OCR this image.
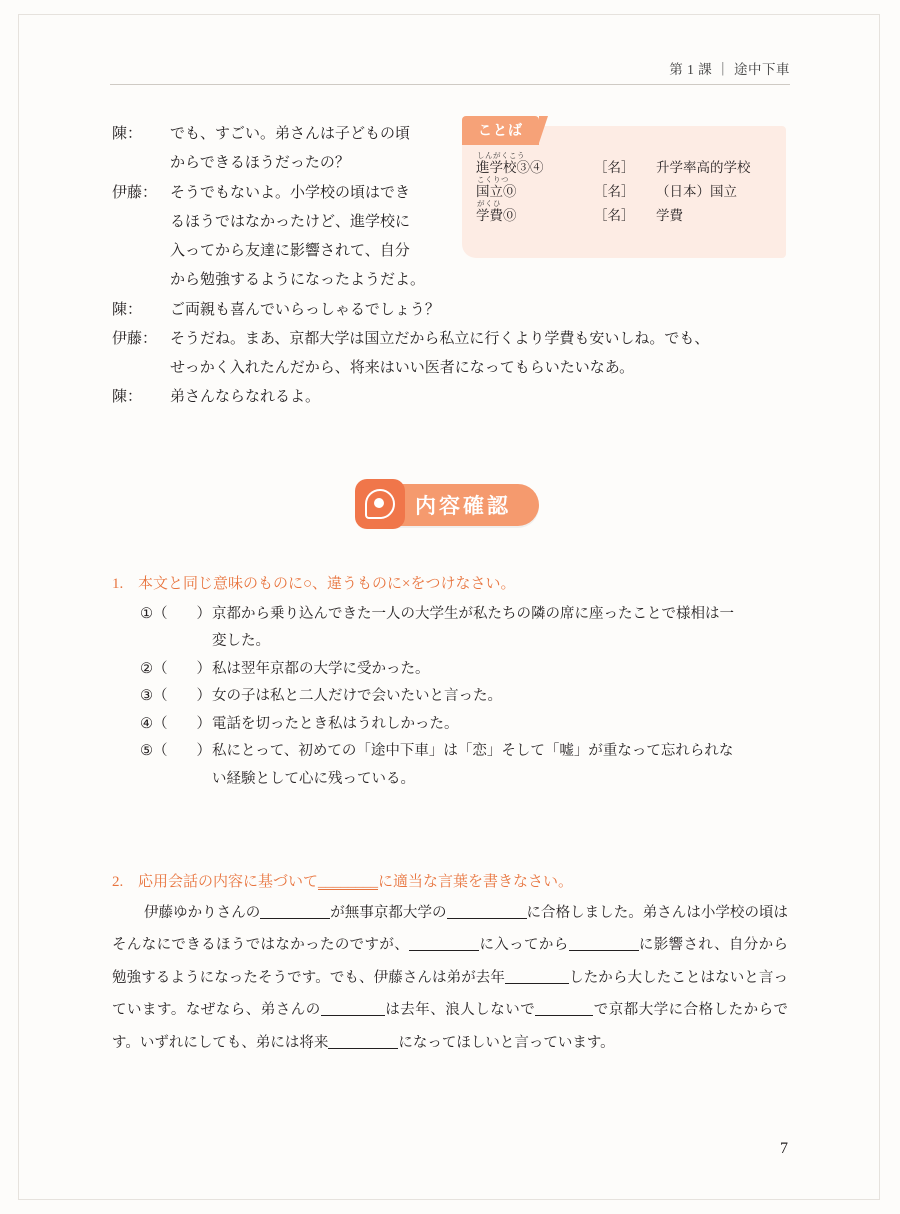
第 1 課 ｜ 途中下車
陳：	でも、すごい。弟さんは子どもの頃
からできるほうだったの？
伊藤： そうでもないよ。小学校の頃はでき
るほうではなかったけど、進学校に
入ってから友達に影響されて、自分
から勉強するようになったようだよ。
陳：	ご両親も喜んでいらっしゃるでしょう？
伊藤： そうだね。まあ、京都大学は国立だから私立に行くより学費も安いしね。でも、
せっかく入れたんだから、将来はいい医者になってもらいたいなあ。
陳：	弟さんならなれるよ。
ことば
しんがくこう
進学校③④	［名］	升学率高的学校
こくりつ
国立⓪	［名］	（日本）国立
がくひ
学費⓪	［名］	学費
内容確認
1. 本文と同じ意味のものに○、違うものに×をつけなさい。
①（　　） 京都から乗り込んできた一人の大学生が私たちの隣の席に座ったことで様相は一
変した。
②（　　） 私は翌年京都の大学に受かった。
③（　　） 女の子は私と二人だけで会いたいと言った。
④（　　） 電話を切ったとき私はうれしかった。
⑤（　　） 私にとって、初めての「途中下車」は「恋」そして「嘘」が重なって忘れられな
い経験として心に残っている。
2. 応用会話の内容に基づいて________に適当な言葉を書きなさい。
伊藤ゆかりさんの	が無事京都大学の	に合格しました。弟さんは小学校の頃はそんなにできるほうではなかったのですが、	に入ってから	に影響され、自分から勉強するようになったそうです。でも、伊藤さんは弟が去年	したから大したことはないと言っています。なぜなら、弟さんの	は去年、浪人しないで	で京都大学に合格したからです。いずれにしても、弟には将来	になってほしいと言っています。
7
